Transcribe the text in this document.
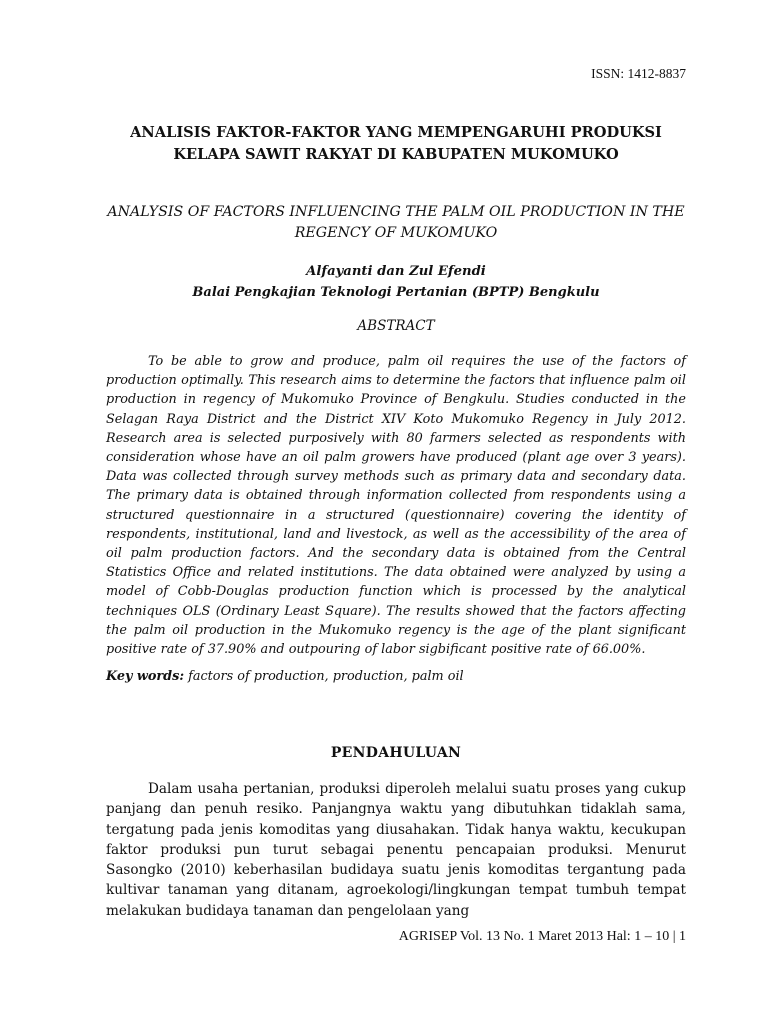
ISSN: 1412-8837
ANALISIS FAKTOR-FAKTOR YANG MEMPENGARUHI PRODUKSI KELAPA SAWIT RAKYAT DI KABUPATEN MUKOMUKO
ANALYSIS OF FACTORS INFLUENCING THE PALM OIL PRODUCTION IN THE REGENCY OF MUKOMUKO
Alfayanti dan Zul Efendi
Balai Pengkajian Teknologi Pertanian (BPTP) Bengkulu
ABSTRACT
To be able to grow and produce, palm oil requires the use of the factors of production optimally. This research aims to determine the factors that influence palm oil production in regency of Mukomuko Province of Bengkulu. Studies conducted in the Selagan Raya District and the District XIV Koto Mukomuko Regency in July 2012. Research area is selected purposively with 80 farmers selected as respondents with consideration whose have an oil palm growers have produced (plant age over 3 years). Data was collected through survey methods such as primary data and secondary data. The primary data is obtained through information collected from respondents using a structured questionnaire in a structured (questionnaire) covering the identity of respondents, institutional, land and livestock, as well as the accessibility of the area of oil palm production factors. And the secondary data is obtained from the Central Statistics Office and related institutions. The data obtained were analyzed by using a model of Cobb-Douglas production function which is processed by the analytical techniques OLS (Ordinary Least Square). The results showed that the factors affecting the palm oil production in the Mukomuko regency is the age of the plant significant positive rate of 37.90% and outpouring of labor sigbificant positive rate of 66.00%.
Key words: factors of production, production, palm oil
PENDAHULUAN
Dalam usaha pertanian, produksi diperoleh melalui suatu proses yang cukup panjang dan penuh resiko. Panjangnya waktu yang dibutuhkan tidaklah sama, tergatung pada jenis komoditas yang diusahakan. Tidak hanya waktu, kecukupan faktor produksi pun turut sebagai penentu pencapaian produksi. Menurut Sasongko (2010) keberhasilan budidaya suatu jenis komoditas tergantung pada kultivar tanaman yang ditanam, agroekologi/lingkungan tempat tumbuh tempat melakukan budidaya tanaman dan pengelolaan yang
AGRISEP Vol. 13 No. 1 Maret 2013 Hal: 1 – 10 | 1
